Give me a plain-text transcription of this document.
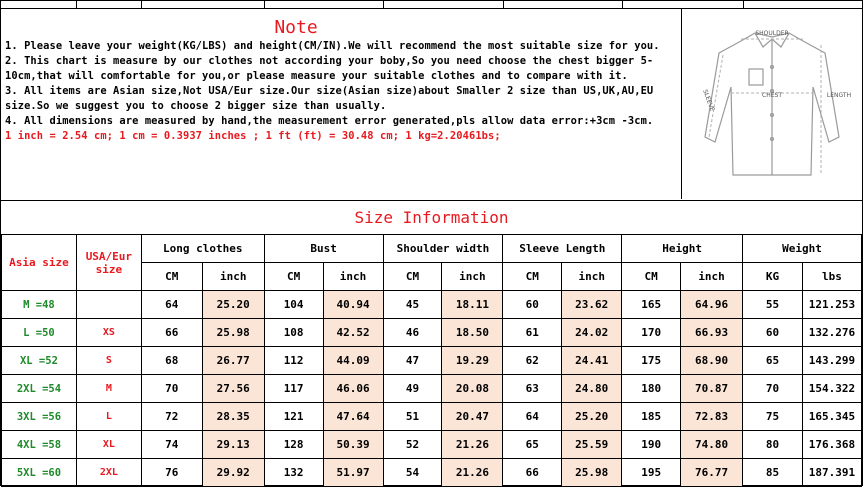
Note

1. Please leave your weight(KG/LBS) and height(CM/IN).We will recommend the most suitable size for you.

2. This chart is measure by our clothes not according your boby,So you need choose the chest bigger 5-10cm,that will comfortable for you,or please measure your suitable clothes and to compare with it.

3. All items are Asian size,Not USA/Eur size.Our size(Asian size)about Smaller 2 size than US,UK,AU,EU size.So we suggest you to choose 2 bigger size than usually.

4. All dimensions are measured by hand,the measurement error generated,pls allow data error:+3cm -3cm.

1 inch = 2.54 cm; 1 cm = 0.3937 inches ; 1 ft (ft) = 30.48 cm; 1 kg=2.20461bs;

SHOULDER
CHEST	LENGTH
SLEEVE
Size Information
Asia size	USA/Eur size	Long clothes		Bust		Shoulder width		Sleeve Length		Height		Weight	
		CM	inch	CM	inch	CM	inch	CM	inch	CM	inch	KG	lbs
M =48		64	25.20	104	40.94	45	18.11	60	23.62	165	64.96	55	121.253
L =50	XS	66	25.98	108	42.52	46	18.50	61	24.02	170	66.93	60	132.276
XL =52	S	68	26.77	112	44.09	47	19.29	62	24.41	175	68.90	65	143.299
2XL =54	M	70	27.56	117	46.06	49	20.08	63	24.80	180	70.87	70	154.322
3XL =56	L	72	28.35	121	47.64	51	20.47	64	25.20	185	72.83	75	165.345
4XL =58	XL	74	29.13	128	50.39	52	21.26	65	25.59	190	74.80	80	176.368
5XL =60	2XL	76	29.92	132	51.97	54	21.26	66	25.98	195	76.77	85	187.391
